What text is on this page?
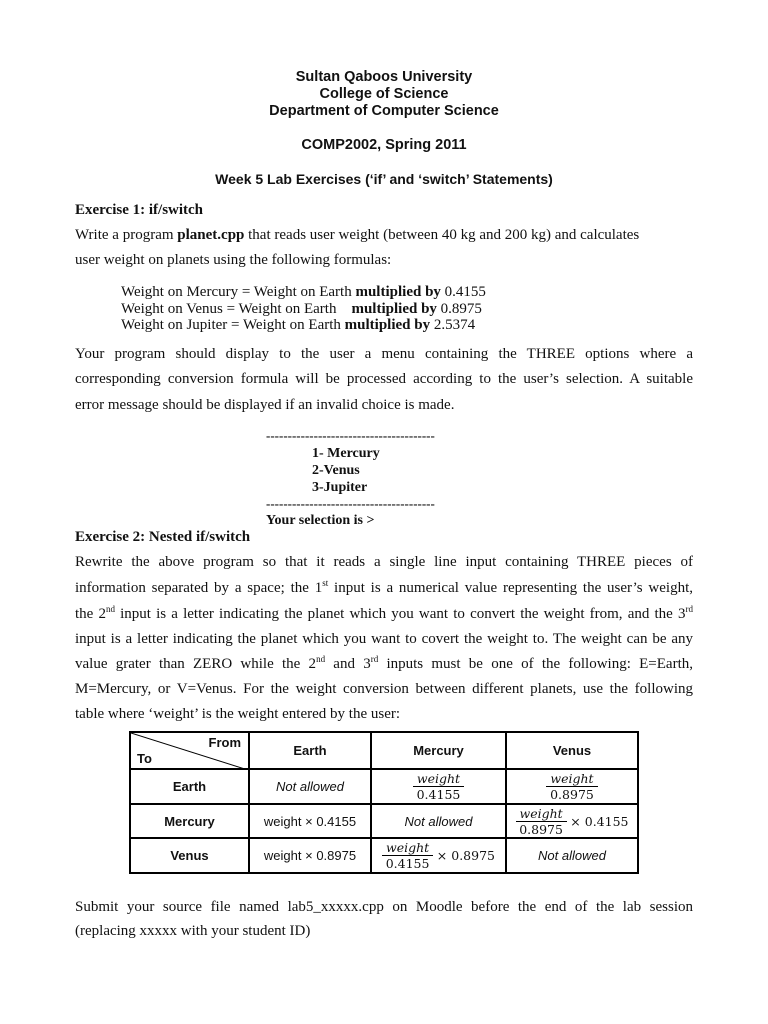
Sultan Qaboos University
College of Science
Department of Computer Science
COMP2002, Spring 2011
Week 5 Lab Exercises (‘if’ and ‘switch’ Statements)
Exercise 1: if/switch
Write a program planet.cpp that reads user weight (between 40 kg and 200 kg) and calculates
user weight on planets using the following formulas:
Weight on Mercury = Weight on Earth multiplied by 0.4155
Weight on Venus = Weight on Earth    multiplied by 0.8975
Weight on Jupiter = Weight on Earth multiplied by 2.5374
Your program should display to the user a menu containing the THREE options where a
corresponding conversion formula will be processed according to the user’s selection. A suitable
error message should be displayed if an invalid choice is made.
---------------------------------------
1- Mercury
2-Venus
3-Jupiter
---------------------------------------
Your selection is >
Exercise 2: Nested if/switch
Rewrite the above program so that it reads a single line input containing THREE pieces of
information separated by a space; the 1st input is a numerical value representing the user’s weight,
the 2nd input is a letter indicating the planet which you want to convert the weight from, and the 3rd
input is a letter indicating the planet which you want to covert the weight to. The weight can be any
value grater than ZERO while the 2nd and 3rd inputs must be one of the following: E=Earth,
M=Mercury, or V=Venus. For the weight conversion between different planets, use the following
table where ‘weight’ is the weight entered by the user:
From
To	Earth	Mercury	Venus
Earth	Not allowed	$\frac{\text{weight}}{0.4155}$	$\frac{\text{weight}}{0.8975}$

Mercury	weight × 0.4155	Not allowed	$\frac{\text{weight}}{0.8975} \times 0.4155$
Venus	weight × 0.8975	$\frac{\text{weight}}{0.4155} \times 0.8975$	Not allowed
Submit your source file named lab5_xxxxx.cpp on Moodle before the end of the lab session
(replacing xxxxx with your student ID)
